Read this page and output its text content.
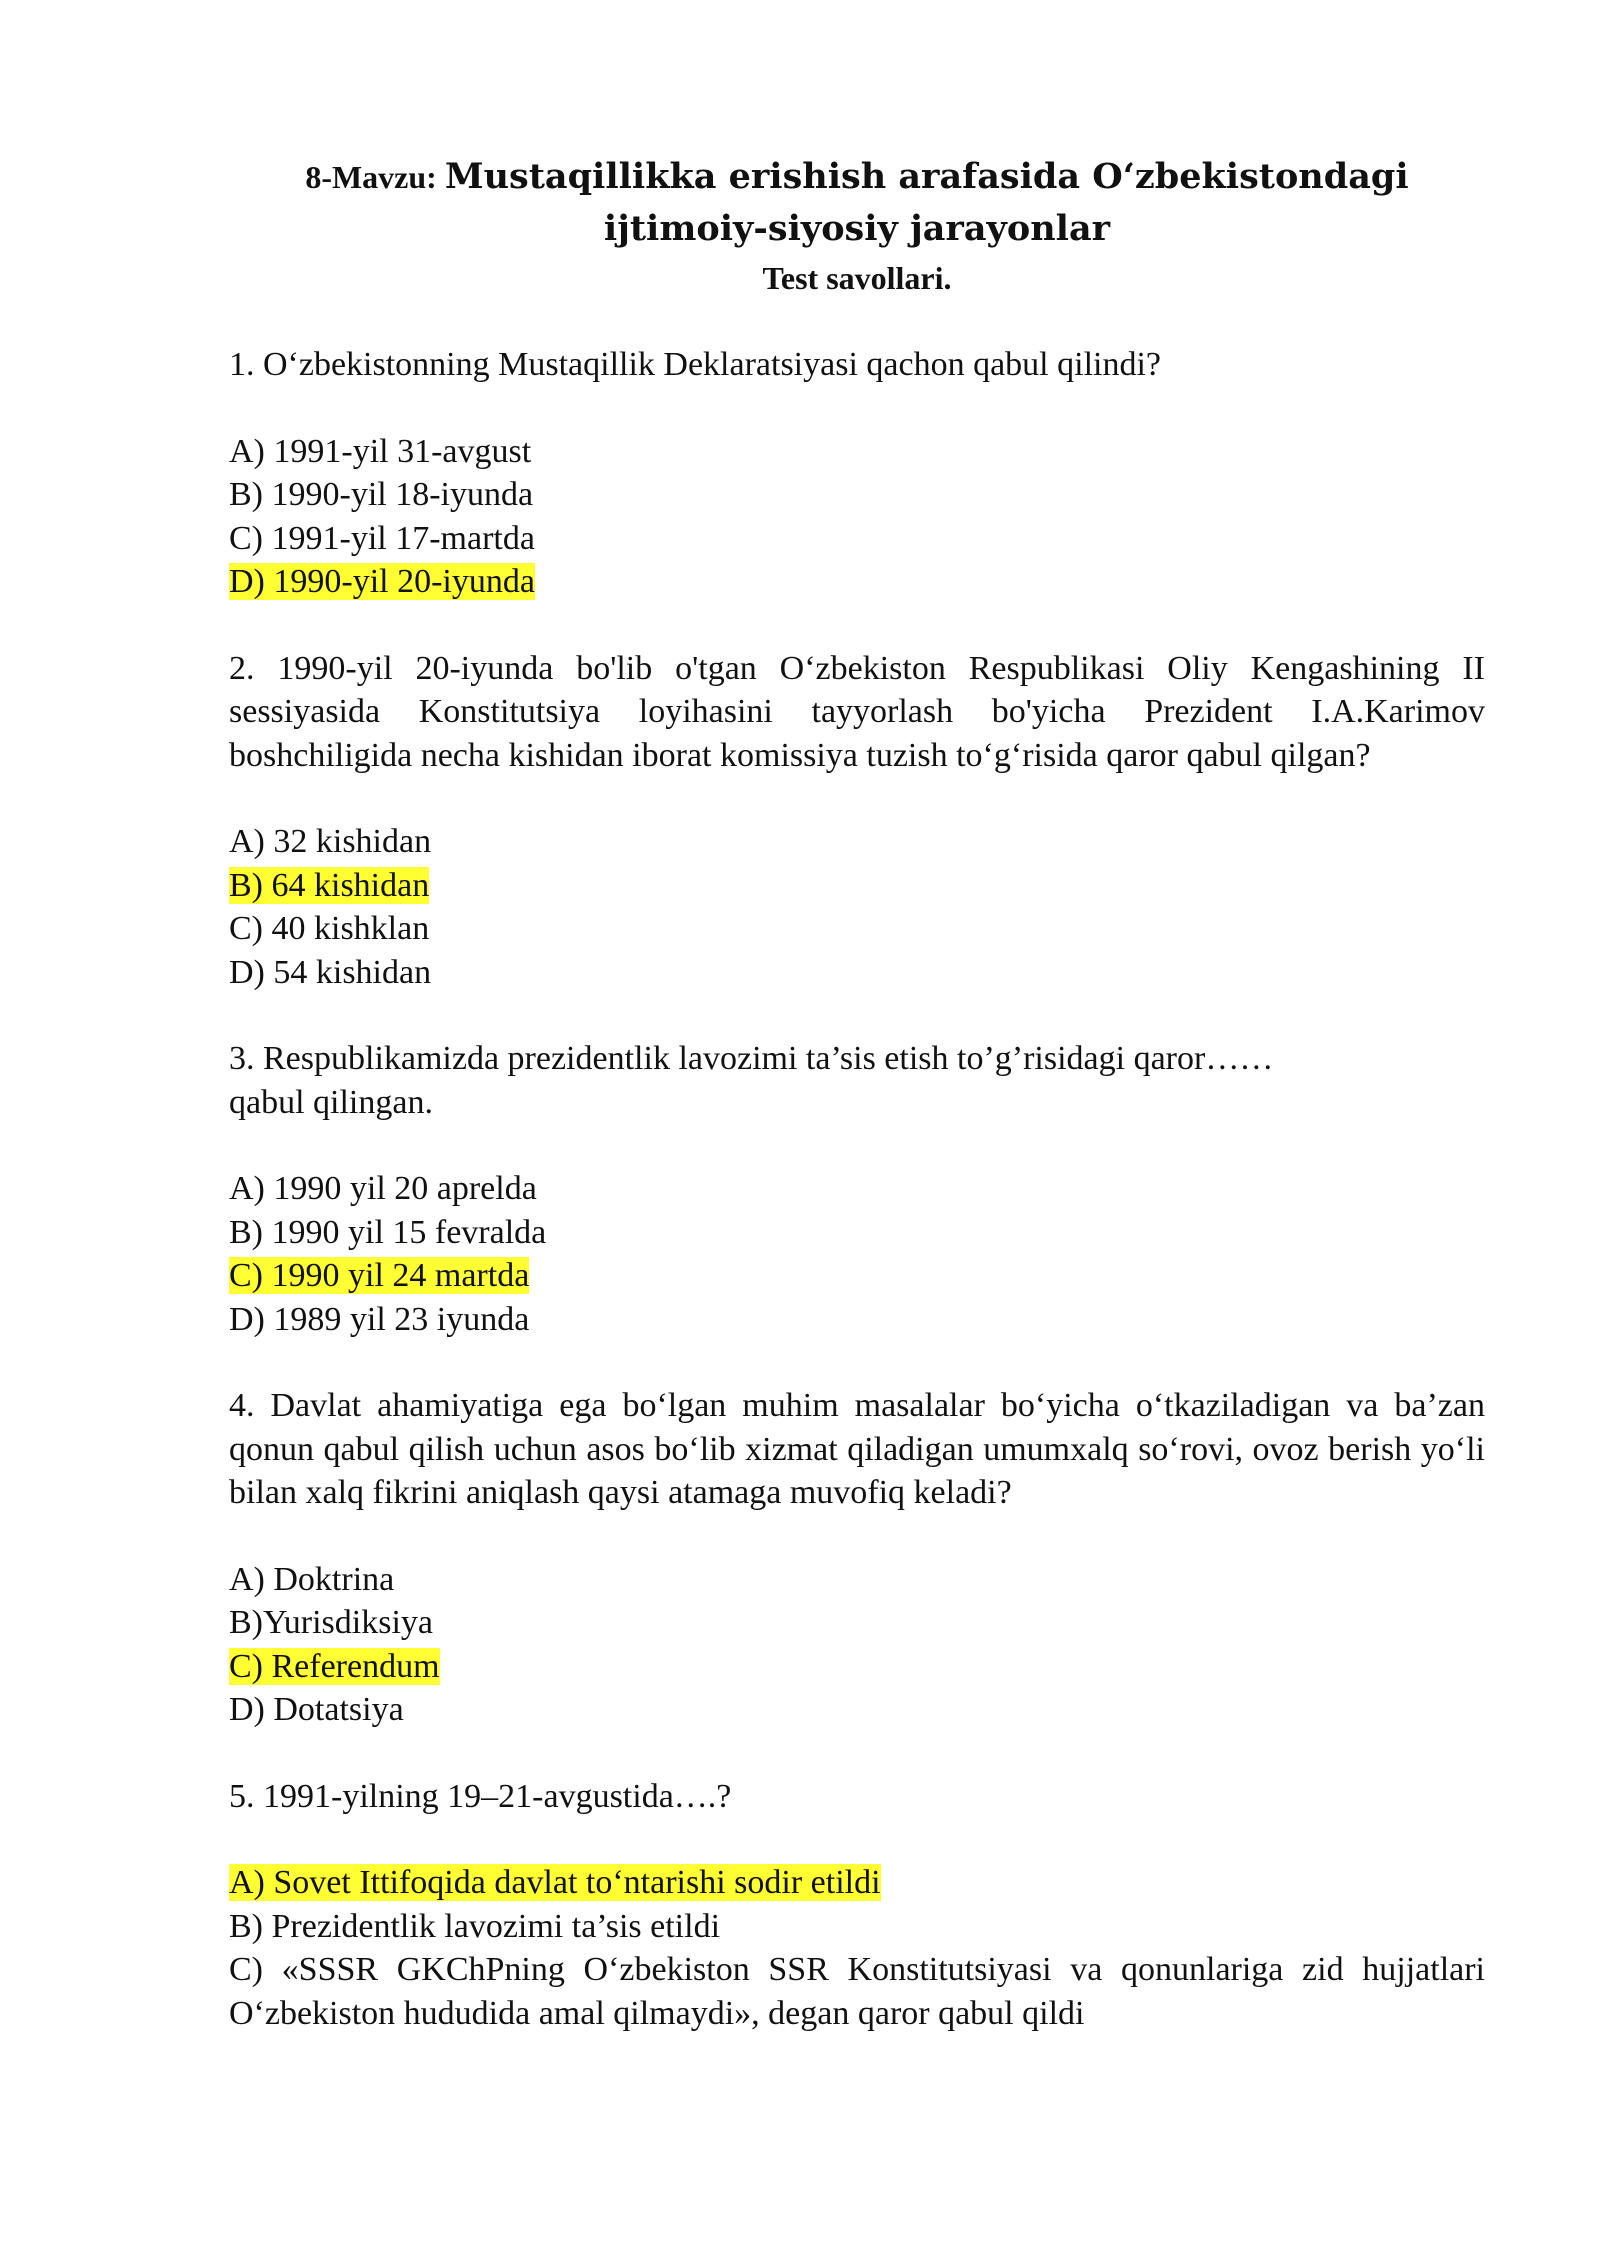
8-Mavzu: Mustaqillikka erishish arafasida O‘zbekistondagi
ijtimoiy-siyosiy jarayonlar
Test savollari.

1. O‘zbekistonning Mustaqillik Deklaratsiyasi qachon qabul qilindi?

A) 1991-yil 31-avgust
B) 1990-yil 18-iyunda
C) 1991-yil 17-martda
D) 1990-yil 20-iyunda

2. 1990-yil 20-iyunda bo'lib o'tgan O‘zbekiston Respublikasi Oliy Kengashining II sessiyasida Konstitutsiya loyihasini tayyorlash bo'yicha Prezident I.A.Karimov boshchiligida necha kishidan iborat komissiya tuzish to‘g‘risida qaror qabul qilgan?

A) 32 kishidan
B) 64 kishidan
C) 40 kishklan
D) 54 kishidan

3. Respublikamizda prezidentlik lavozimi ta’sis etish to’g’risidagi qaror……
qabul qilingan.

A) 1990 yil 20 aprelda
B) 1990 yil 15 fevralda
C) 1990 yil 24 martda
D) 1989 yil 23 iyunda

4. Davlat ahamiyatiga ega bo‘lgan muhim masalalar bo‘yicha o‘tkaziladigan va ba’zan qonun qabul qilish uchun asos bo‘lib xizmat qiladigan umumxalq so‘rovi, ovoz berish yo‘li bilan xalq fikrini aniqlash qaysi atamaga muvofiq keladi?

A) Doktrina
B)Yurisdiksiya
C) Referendum
D) Dotatsiya

5. 1991-yilning 19–21-avgustida….?

A) Sovet Ittifoqida davlat to‘ntarishi sodir etildi
B) Prezidentlik lavozimi ta’sis etildi
C) «SSSR GKChPning O‘zbekiston SSR Konstitutsiyasi va qonunlariga zid hujjatlari O‘zbekiston hududida amal qilmaydi», degan qaror qabul qildi
